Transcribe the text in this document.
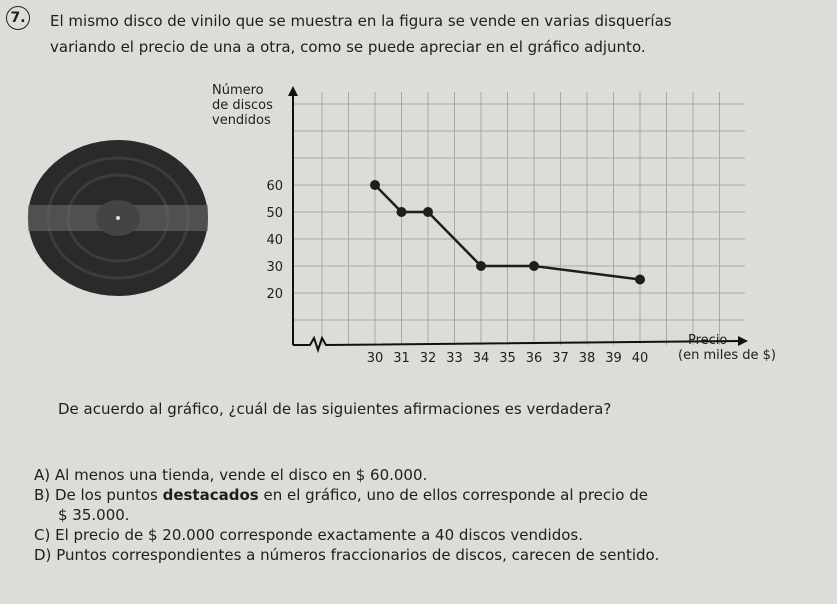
7. El mismo disco de vinilo que se muestra en la figura se vende en varias disquerías
variando el precio de una a otra, como se puede apreciar en el gráfico adjunto.
30 31 32 33 34 35 36 37 38 39 40
20
30
40
50
60
Número
de discos
vendidos
Precio
(en miles de $)
De acuerdo al gráfico, ¿cuál de las siguientes afirmaciones es verdadera?
A) Al menos una tienda, vende el disco en $ 60.000.
B) De los puntos destacados en el gráfico, uno de ellos corresponde al precio de
$ 35.000.
C) El precio de $ 20.000 corresponde exactamente a 40 discos vendidos.
D) Puntos correspondientes a números fraccionarios de discos, carecen de sentido.
